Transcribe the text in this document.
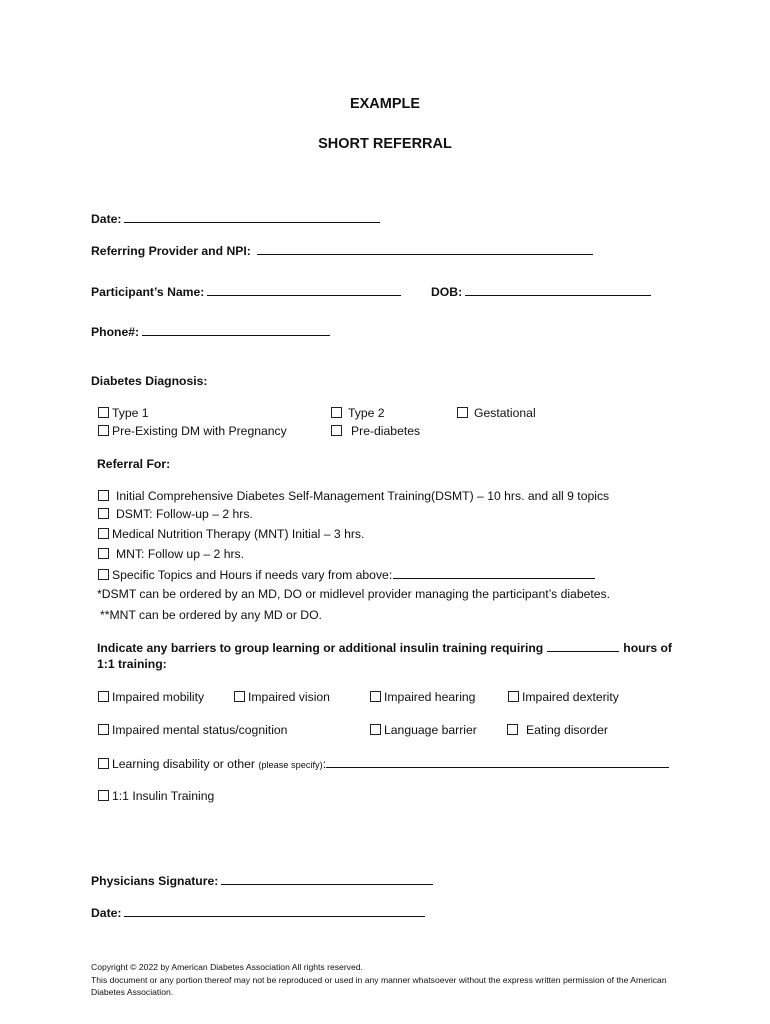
EXAMPLE
SHORT REFERRAL
Date:
Referring Provider and NPI:
Participant’s Name:	DOB:
Phone#:
Diabetes Diagnosis:
Type 1	Type 2	Gestational
Pre-Existing DM with Pregnancy	Pre-diabetes
Referral For:
Initial Comprehensive Diabetes Self-Management Training(DSMT) – 10 hrs. and all 9 topics
DSMT: Follow-up – 2 hrs.
Medical Nutrition Therapy (MNT) Initial – 3 hrs.
MNT: Follow up – 2 hrs.
Specific Topics and Hours if needs vary from above:
*DSMT can be ordered by an MD, DO or midlevel provider managing the participant’s diabetes.
**MNT can be ordered by any MD or DO.
Indicate any barriers to group learning or additional insulin training requiring	hours of
1:1 training:
Impaired mobility	Impaired vision	Impaired hearing	Impaired dexterity
Impaired mental status/cognition	Language barrier	Eating disorder
Learning disability or other (please specify):
1:1 Insulin Training
Physicians Signature:
Date:
Copyright © 2022 by American Diabetes Association All rights reserved.
This document or any portion thereof may not be reproduced or used in any manner whatsoever without the express written permission of the American Diabetes Association.
